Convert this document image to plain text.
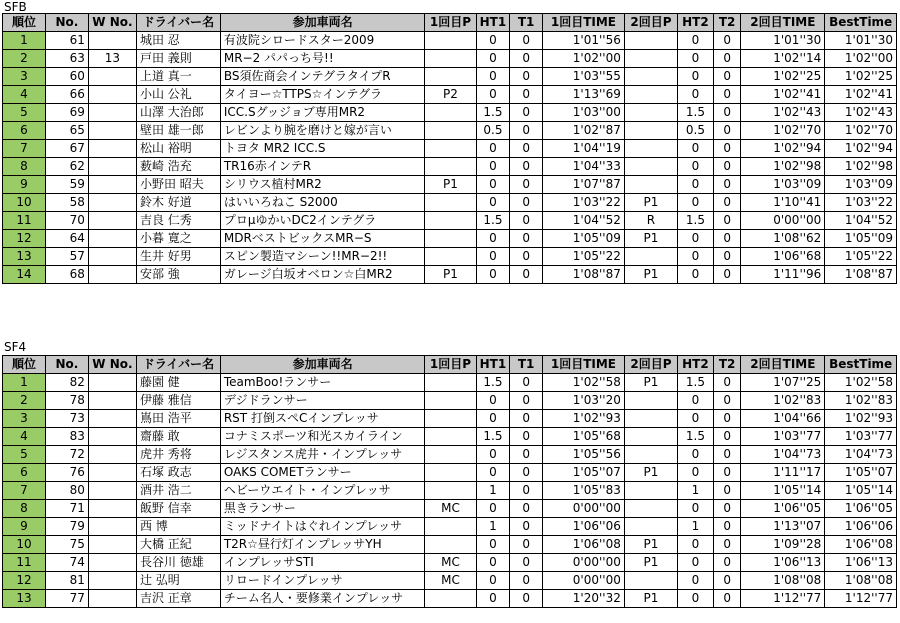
SFB
順位	No.	W No.	ドライバー名	参加車両名	1回目P	HT1	T1	1回目TIME	2回目P	HT2	T2	2回目TIME	BestTime
1	61		城田 忍	有波院シロードスター2009		0	0	1'01''56		0	0	1'01''30	1'01''30
2	63	13	戸田 義則	MR−2 パパっち号!!		0	0	1'02''00		0	0	1'02''14	1'02''00
3	60		上道 真一	BS須佐商会インテグラタイプR		0	0	1'03''55		0	0	1'02''25	1'02''25
4	66		小山 公礼	タイヨー☆TTPS☆インテグラ	P2	0	0	1'13''69		0	0	1'02''41	1'02''41
5	69		山澤 大治郎	ICC.Sグッジョブ専用MR2		1.5	0	1'03''00		1.5	0	1'02''43	1'02''43
6	65		壁田 雄一郎	レビンより腕を磨けと嫁が言い		0.5	0	1'02''87		0.5	0	1'02''70	1'02''70
7	67		松山 裕明	トヨタ MR2 ICC.S		0	0	1'04''19		0	0	1'02''94	1'02''94
8	62		薮崎 浩充	TR16赤インテR		0	0	1'04''33		0	0	1'02''98	1'02''98
9	59		小野田 昭夫	シリウス植村MR2	P1	0	0	1'07''87		0	0	1'03''09	1'03''09
10	58		鈴木 好道	はいいろねこ S2000		0	0	1'03''22	P1	0	0	1'10''41	1'03''22
11	70		吉良 仁秀	プロμゆかいDC2インテグラ		1.5	0	1'04''52	R	1.5	0	0'00''00	1'04''52
12	64		小暮 寛之	MDRベストビックスMR−S		0	0	1'05''09	P1	0	0	1'08''62	1'05''09
13	57		生井 好男	スピン製造マシーン!!MR−2!!		0	0	1'05''22		0	0	1'06''68	1'05''22
14	68		安部 強	ガレージ白坂オベロン☆白MR2	P1	0	0	1'08''87	P1	0	0	1'11''96	1'08''87
SF4
順位	No.	W No.	ドライバー名	参加車両名	1回目P	HT1	T1	1回目TIME	2回目P	HT2	T2	2回目TIME	BestTime
1	82		藤園 健	TeamBoo!ランサー		1.5	0	1'02''58	P1	1.5	0	1'07''25	1'02''58
2	78		伊藤 雅信	デジドランサー		0	0	1'03''20		0	0	1'02''83	1'02''83
3	73		嶌田 浩平	RST 打倒スペCインプレッサ		0	0	1'02''93		0	0	1'04''66	1'02''93
4	83		齋藤 敢	コナミスポーツ和光スカイライン		1.5	0	1'05''68		1.5	0	1'03''77	1'03''77
5	72		虎井 秀将	レジスタンス虎井・インプレッサ		0	0	1'05''56		0	0	1'04''73	1'04''73
6	76		石塚 政志	OAKS COMETランサー		0	0	1'05''07	P1	0	0	1'11''17	1'05''07
7	80		酒井 浩二	ヘビーウエイト・インプレッサ		1	0	1'05''83		1	0	1'05''14	1'05''14
8	71		飯野 信幸	黒きランサー	MC	0	0	0'00''00		0	0	1'06''05	1'06''05
9	79		西 博	ミッドナイトはぐれインプレッサ		1	0	1'06''06		1	0	1'13''07	1'06''06
10	75		大橋 正紀	T2R☆昼行灯インプレッサYH		0	0	1'06''08	P1	0	0	1'09''28	1'06''08
11	74		長谷川 徳雄	インプレッサSTI	MC	0	0	0'00''00	P1	0	0	1'06''13	1'06''13
12	81		辻 弘明	リロードインプレッサ	MC	0	0	0'00''00		0	0	1'08''08	1'08''08
13	77		吉沢 正章	チーム名人・要修業インプレッサ		0	0	1'20''32	P1	0	0	1'12''77	1'12''77
